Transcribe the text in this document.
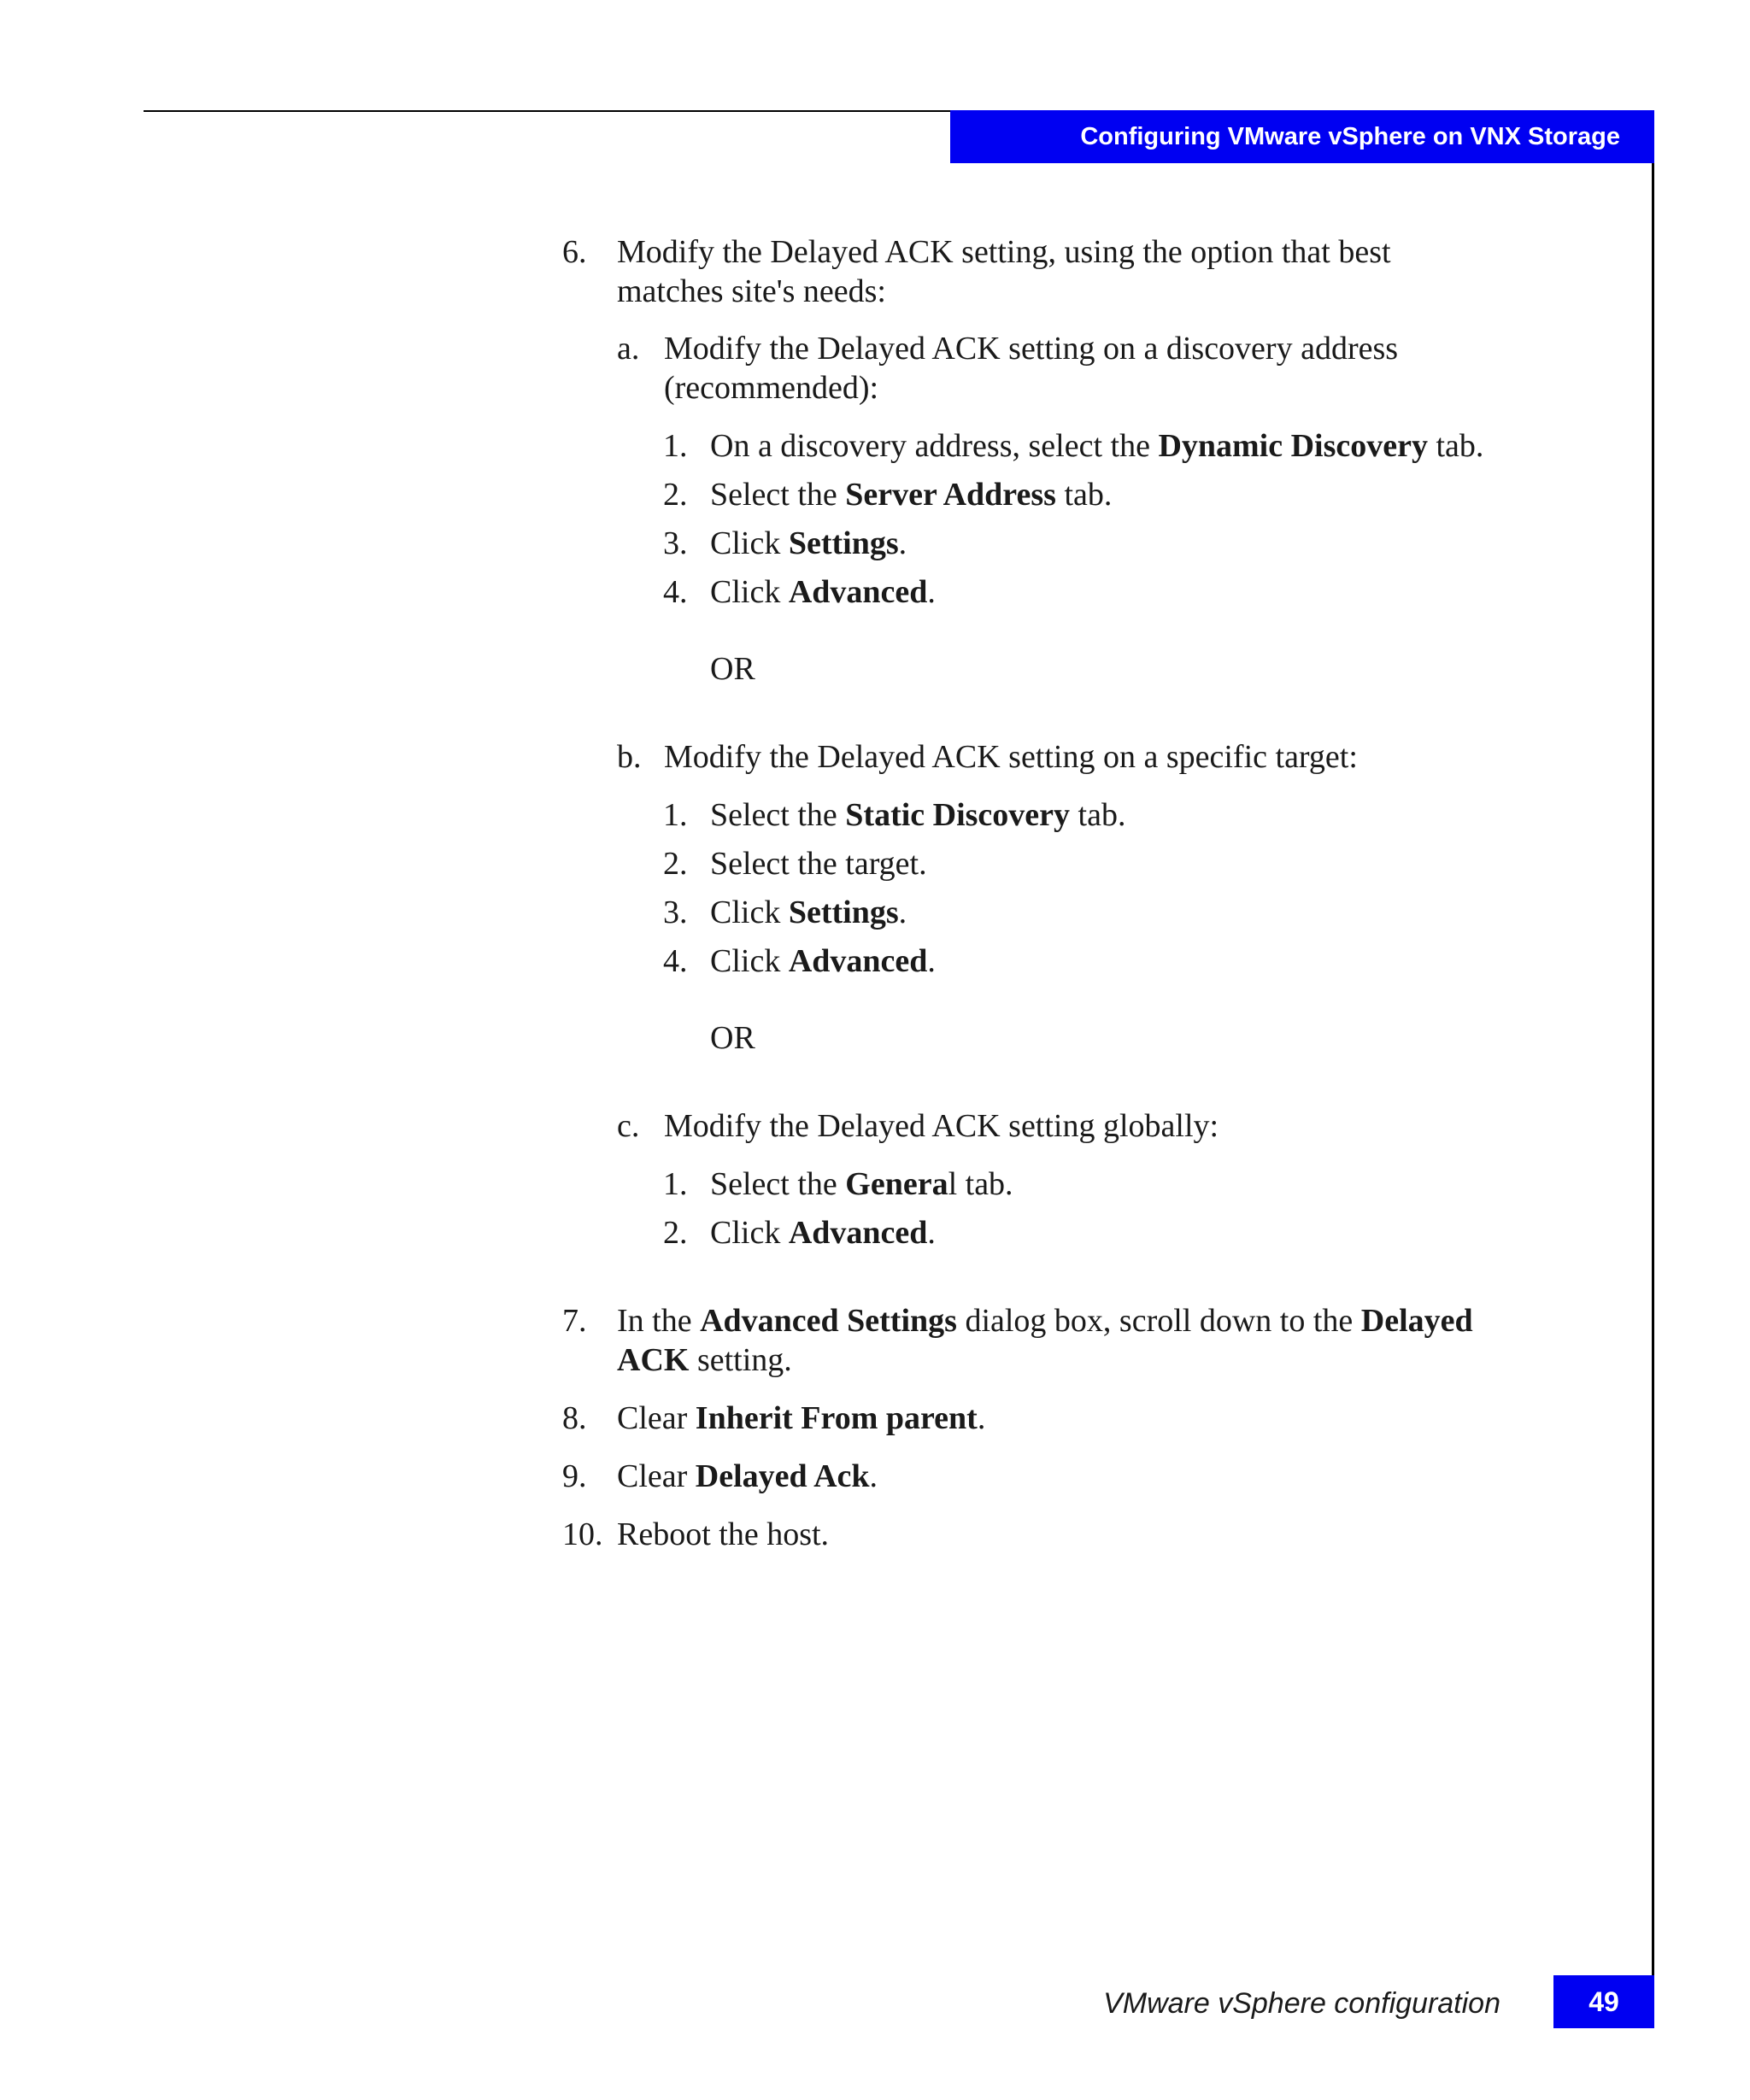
Configuring VMware vSphere on VNX Storage
6. Modify the Delayed ACK setting, using the option that best
matches site's needs:
a. Modify the Delayed ACK setting on a discovery address
(recommended):
1. On a discovery address, select the Dynamic Discovery tab.
2. Select the Server Address tab.
3. Click Settings.
4. Click Advanced.
OR
b. Modify the Delayed ACK setting on a specific target:
1. Select the Static Discovery tab.
2. Select the target.
3. Click Settings.
4. Click Advanced.
OR
c. Modify the Delayed ACK setting globally:
1. Select the General tab.
2. Click Advanced.
7. In the Advanced Settings dialog box, scroll down to the Delayed
ACK setting.
8. Clear Inherit From parent.
9. Clear Delayed Ack.
10. Reboot the host.
VMware vSphere configuration	49
